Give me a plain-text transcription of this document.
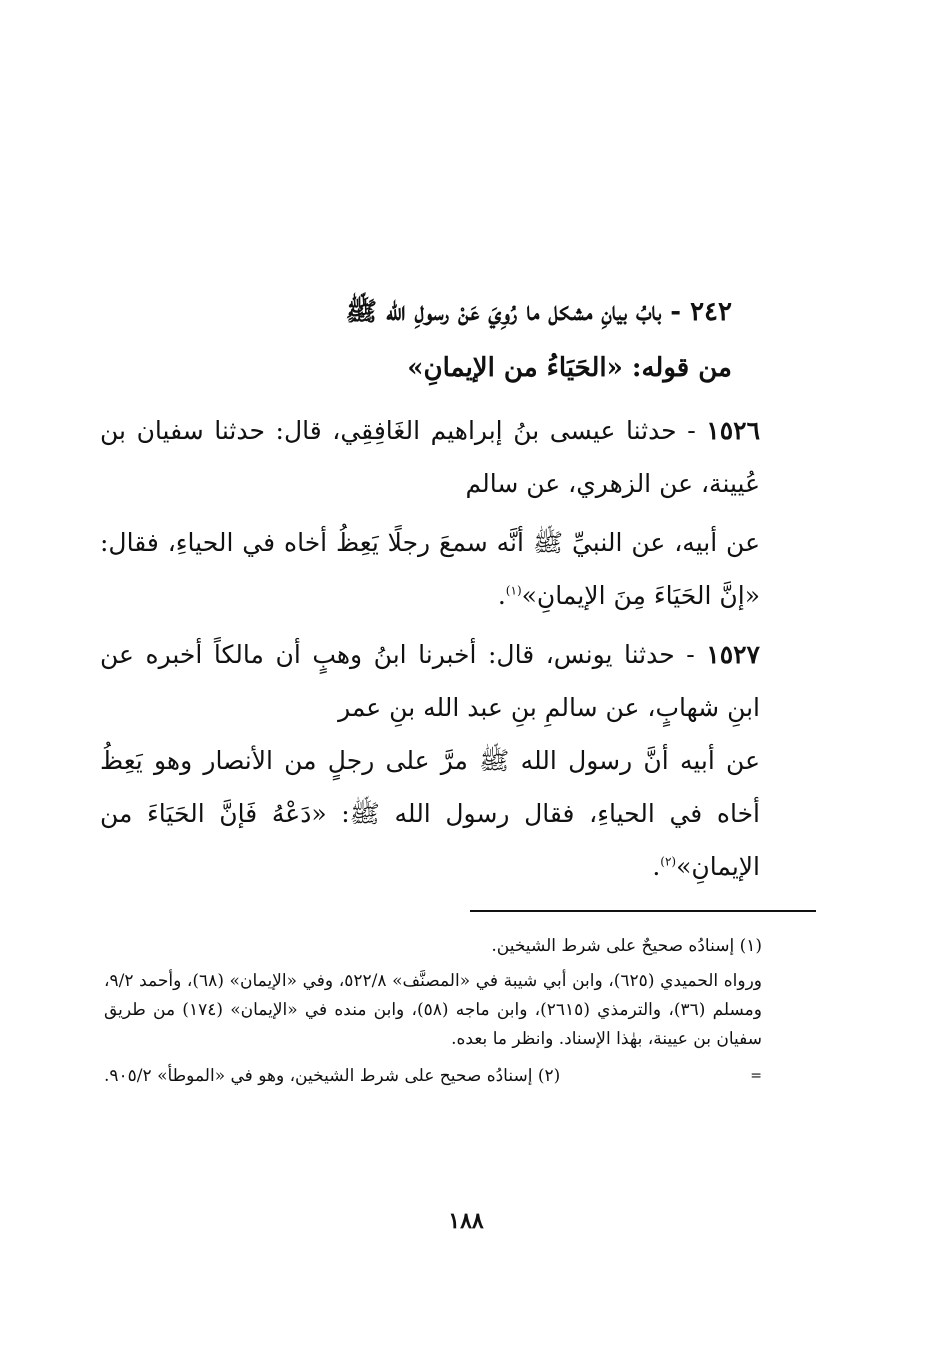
٢٤٢ - بابُ بيانِ مشكل ما رُوِيَ عَنْ رسولِ الله ﷺ
من قوله: «الحَيَاءُ من الإيمانِ»
١٥٢٦ - حدثنا عيسى بنُ إبراهيم الغَافِقِي، قال: حدثنا سفيان بن عُيينة، عن الزهري، عن سالم
عن أبيه، عن النبيِّ ﷺ أنَّه سمعَ رجلًا يَعِظُ أخاه في الحياءِ، فقال: «إنَّ الحَيَاءَ مِنَ الإيمانِ»$^{(١)}$.
١٥٢٧ - حدثنا يونس، قال: أخبرنا ابنُ وهبٍ أن مالكاً أخبره عن ابنِ شهابٍ، عن سالمِ بنِ عبد الله بنِ عمر
عن أبيه أنَّ رسول الله ﷺ مرَّ على رجلٍ من الأنصار وهو يَعِظُ أخاه في الحياءِ، فقال رسول الله ﷺ: «دَعْهُ فَإنَّ الحَيَاءَ من الإيمانِ»$^{(٢)}$.
(١) إسنادُه صحيحٌ على شرط الشيخين.
ورواه الحميدي (٦٢٥)، وابن أبي شيبة في «المصنَّف» ٥٢٢/٨، وفي «الإيمان» (٦٨)، وأحمد ٩/٢، ومسلم (٣٦)، والترمذي (٢٦١٥)، وابن ماجه (٥٨)، وابن منده في «الإيمان» (١٧٤) من طريق سفيان بن عيينة، بهٰذا الإسناد. وانظر ما بعده.
(٢) إسنادُه صحيح على شرط الشيخين، وهو في «الموطأ» ٩٠٥/٢.	=
١٨٨
